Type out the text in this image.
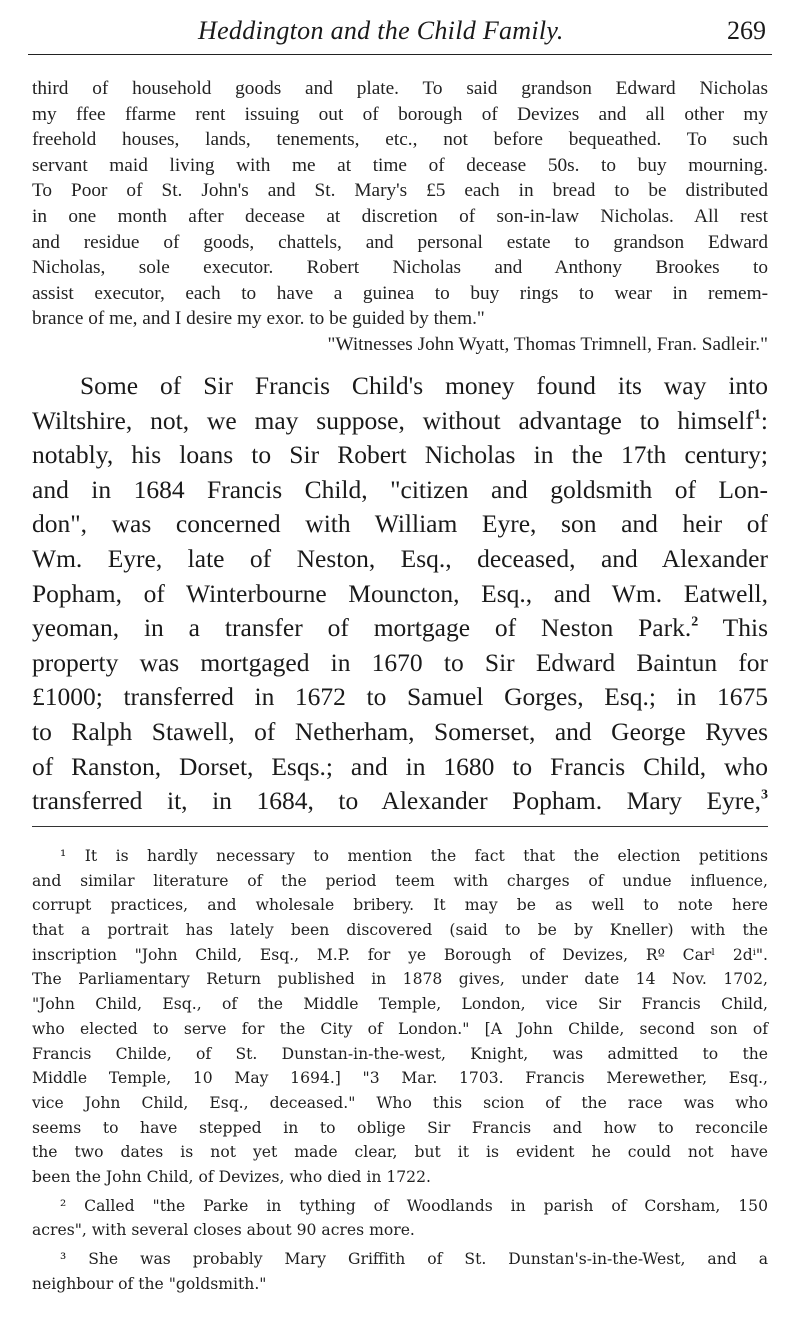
Heddington and the Child Family.	269
third of household goods and plate. To said grandson Edward Nicholas
my ffee ffarme rent issuing out of borough of Devizes and all other my
freehold houses, lands, tenements, etc., not before bequeathed. To such
servant maid living with me at time of decease 50s. to buy mourning.
To Poor of St. John's and St. Mary's £5 each in bread to be distributed
in one month after decease at discretion of son-in-law Nicholas. All rest
and residue of goods, chattels, and personal estate to grandson Edward
Nicholas, sole executor. Robert Nicholas and Anthony Brookes to
assist executor, each to have a guinea to buy rings to wear in remem-
brance of me, and I desire my exor. to be guided by them."
"Witnesses John Wyatt, Thomas Trimnell, Fran. Sadleir."
Some of Sir Francis Child's money found its way into
Wiltshire, not, we may suppose, without advantage to himself$^1$:
notably, his loans to Sir Robert Nicholas in the 17th century;
and in 1684 Francis Child, "citizen and goldsmith of Lon-
don", was concerned with William Eyre, son and heir of
Wm. Eyre, late of Neston, Esq., deceased, and Alexander
Popham, of Winterbourne Mouncton, Esq., and Wm. Eatwell,
yeoman, in a transfer of mortgage of Neston Park.$^2$ This
property was mortgaged in 1670 to Sir Edward Baintun for
£1000; transferred in 1672 to Samuel Gorges, Esq.; in 1675
to Ralph Stawell, of Netherham, Somerset, and George Ryves
of Ranston, Dorset, Esqs.; and in 1680 to Francis Child, who
transferred it, in 1684, to Alexander Popham. Mary Eyre,$^3$
¹ It is hardly necessary to mention the fact that the election petitions
and similar literature of the period teem with charges of undue influence,
corrupt practices, and wholesale bribery. It may be as well to note here
that a portrait has lately been discovered (said to be by Kneller) with the
inscription "John Child, Esq., M.P. for ye Borough of Devizes, Rº Carˡ 2dⁱ".
The Parliamentary Return published in 1878 gives, under date 14 Nov. 1702,
"John Child, Esq., of the Middle Temple, London, vice Sir Francis Child,
who elected to serve for the City of London." [A John Childe, second son of
Francis Childe, of St. Dunstan-in-the-west, Knight, was admitted to the
Middle Temple, 10 May 1694.] "3 Mar. 1703. Francis Merewether, Esq.,
vice John Child, Esq., deceased." Who this scion of the race was who
seems to have stepped in to oblige Sir Francis and how to reconcile
the two dates is not yet made clear, but it is evident he could not have
been the John Child, of Devizes, who died in 1722.
² Called "the Parke in tything of Woodlands in parish of Corsham, 150
acres", with several closes about 90 acres more.
³ She was probably Mary Griffith of St. Dunstan's-in-the-West, and a
neighbour of the "goldsmith."
